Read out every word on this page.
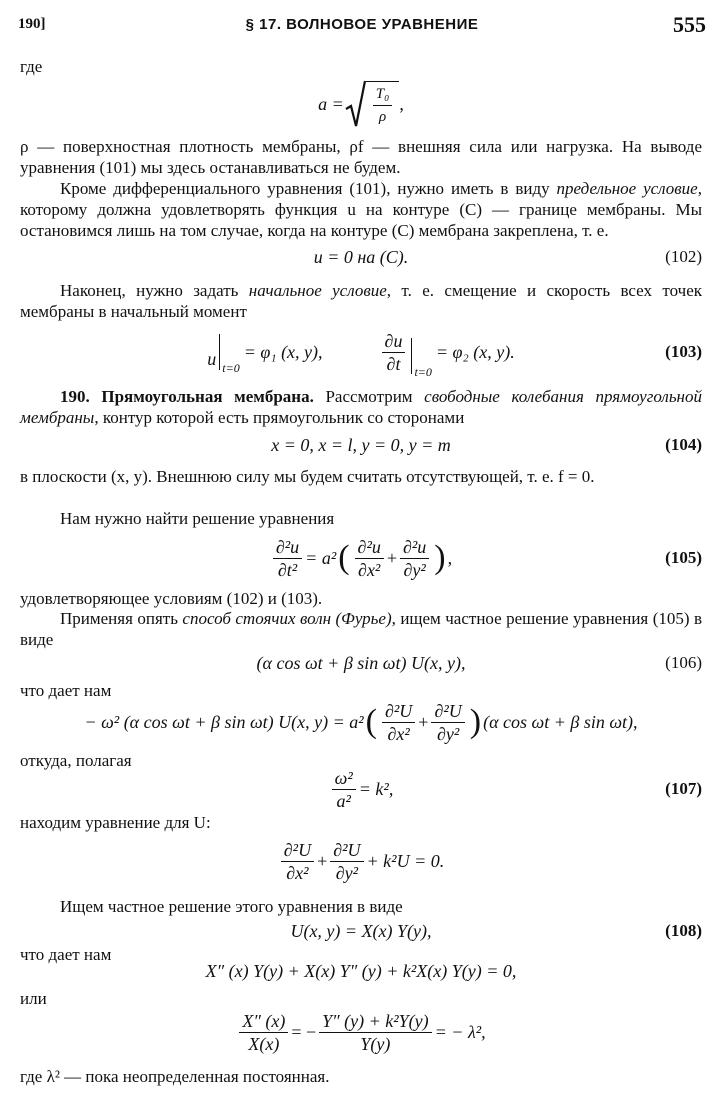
190]	§ 17. ВОЛНОВОЕ УРАВНЕНИЕ	555
где
a = T₀
ρ
,
ρ — поверхностная плотность мембраны, ρf — внешняя сила или нагрузка. На выводе уравнения (101) мы здесь останавливаться не будем.
Кроме дифференциального уравнения (101), нужно иметь в виду предельное условие, которому должна удовлетворять функция u на контуре (C) — границе мембраны. Мы остановимся лишь на том случае, когда на контуре (C) мембрана закреплена, т. е.
u = 0 на (C).	(102)
Наконец, нужно задать начальное условие, т. е. смещение и скорость всех точек мембраны в начальный момент
u t=0
= φ₁ (x, y),
∂u
∂t t=0
= φ₂ (x, y).	(103)
190. Прямоугольная мембрана. Рассмотрим свободные колебания прямоугольной мембраны, контур которой есть прямоугольник со сторонами
x = 0, x = l, y = 0, y = m	(104)
в плоскости (x, y). Внешнюю силу мы будем считать отсутствующей, т. е. f = 0.
Нам нужно найти решение уравнения
$\frac{\text{∂²u}}{\text{∂t²}} = a^2$ ( ∂²u
∂x²
+ $\frac{\text{∂²u}}{\text{∂y²}}$ ) ,	(105)
удовлетворяющее условиям (102) и (103).
Применяя опять способ стоячих волн (Фурье), ищем частное решение уравнения (105) в виде
(α cos ωt + β sin ωt) U(x, y),	(106)
что дает нам
− ω² (α cos ωt + β sin ωt) U(x, y) = a² ( ∂²U
∂x²
+ $\frac{\text{∂²U}}{\text{∂y²}}$ ) (α cos ωt + β sin ωt),
откуда, полагая
$\frac{\text{ω²}}{\text{a²}} = k^2$,	(107)
находим уравнение для U:
∂²U
∂x²
+ $\frac{\text{∂²U}}{\text{∂y²}} + k^2U = 0$.
Ищем частное решение этого уравнения в виде
U(x, y) = X(x) Y(y),	(108)
что дает нам
X″ (x) Y(y) + X(x) Y″ (y) + k²X(x) Y(y) = 0,
или
$\frac{X'' (x)}{X(x)}$ = − $\frac{\text{Y″ (y) + k²Y(y)}}{Y(y)}$ = − λ²,
где λ² — пока неопределенная постоянная.
